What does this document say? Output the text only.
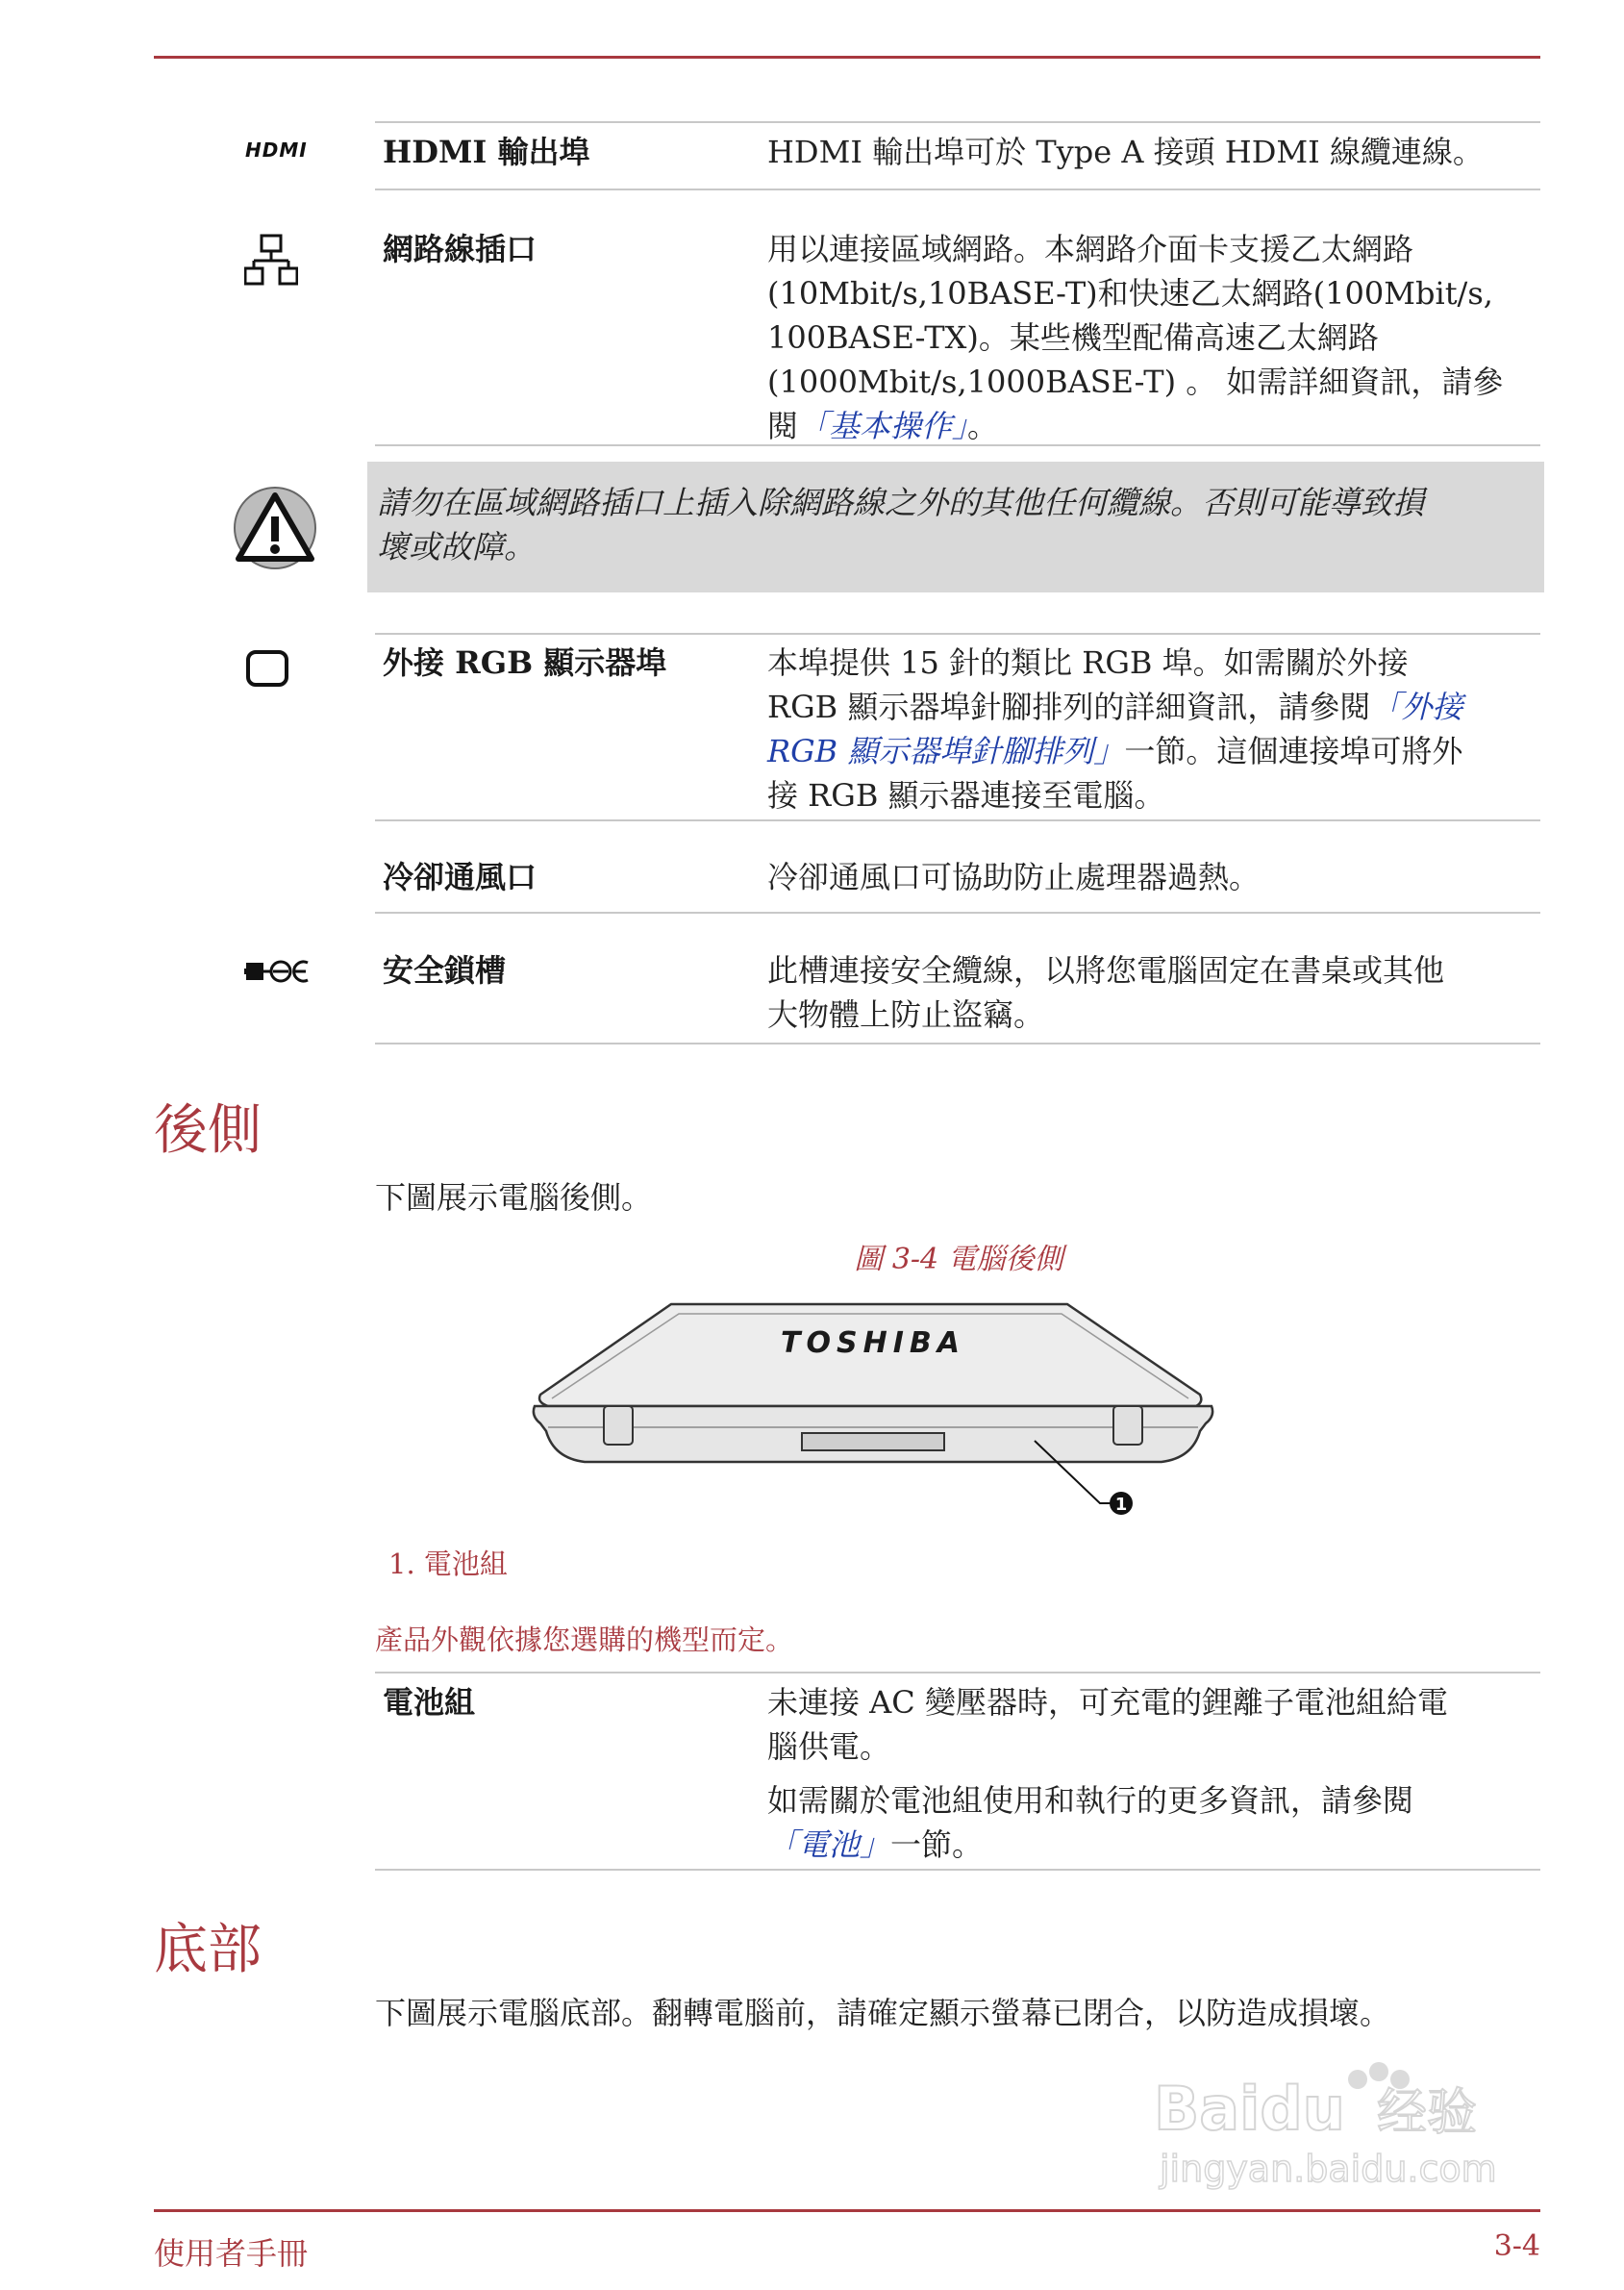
HDMI HDMI 輸出埠	HDMI 輸出埠可於 Type A 接頭 HDMI 線纜連線。

網路線插口	用以連接區域網路。本網路介面卡支援乙太網路

(10Mbit/s,10BASE-T)和快速乙太網路(100Mbit/s,

100BASE-TX)。某些機型配備高速乙太網路

(1000Mbit/s,1000BASE-T) 。 如需詳細資訊，請參

閱「基本操作」。

請勿在區域網路插口上插入除網路線之外的其他任何纜線。否則可能導致損
壞或故障。
外接 RGB 顯示器埠	本埠提供 15 針的類比 RGB 埠。如需關於外接

RGB 顯示器埠針腳排列的詳細資訊，請參閱「外接

RGB 顯示器埠針腳排列」一節。這個連接埠可將外

接 RGB 顯示器連接至電腦。

冷卻通風口	冷卻通風口可協助防止處理器過熱。

安全鎖槽	此槽連接安全纜線，以將您電腦固定在書桌或其他

大物體上防止盜竊。

後側
下圖展示電腦後側。
圖 3-4 電腦後側
TOSHIBA
1
1. 電池組
產品外觀依據您選購的機型而定。
電池組	未連接 AC 變壓器時，可充電的鋰離子電池組給電

腦供電。

如需關於電池組使用和執行的更多資訊，請參閱

「電池」一節。

底部
下圖展示電腦底部。翻轉電腦前，請確定顯示螢幕已閉合，以防造成損壞。
Baidu 经验
jingyan.baidu.com
使用者手冊	3-4
